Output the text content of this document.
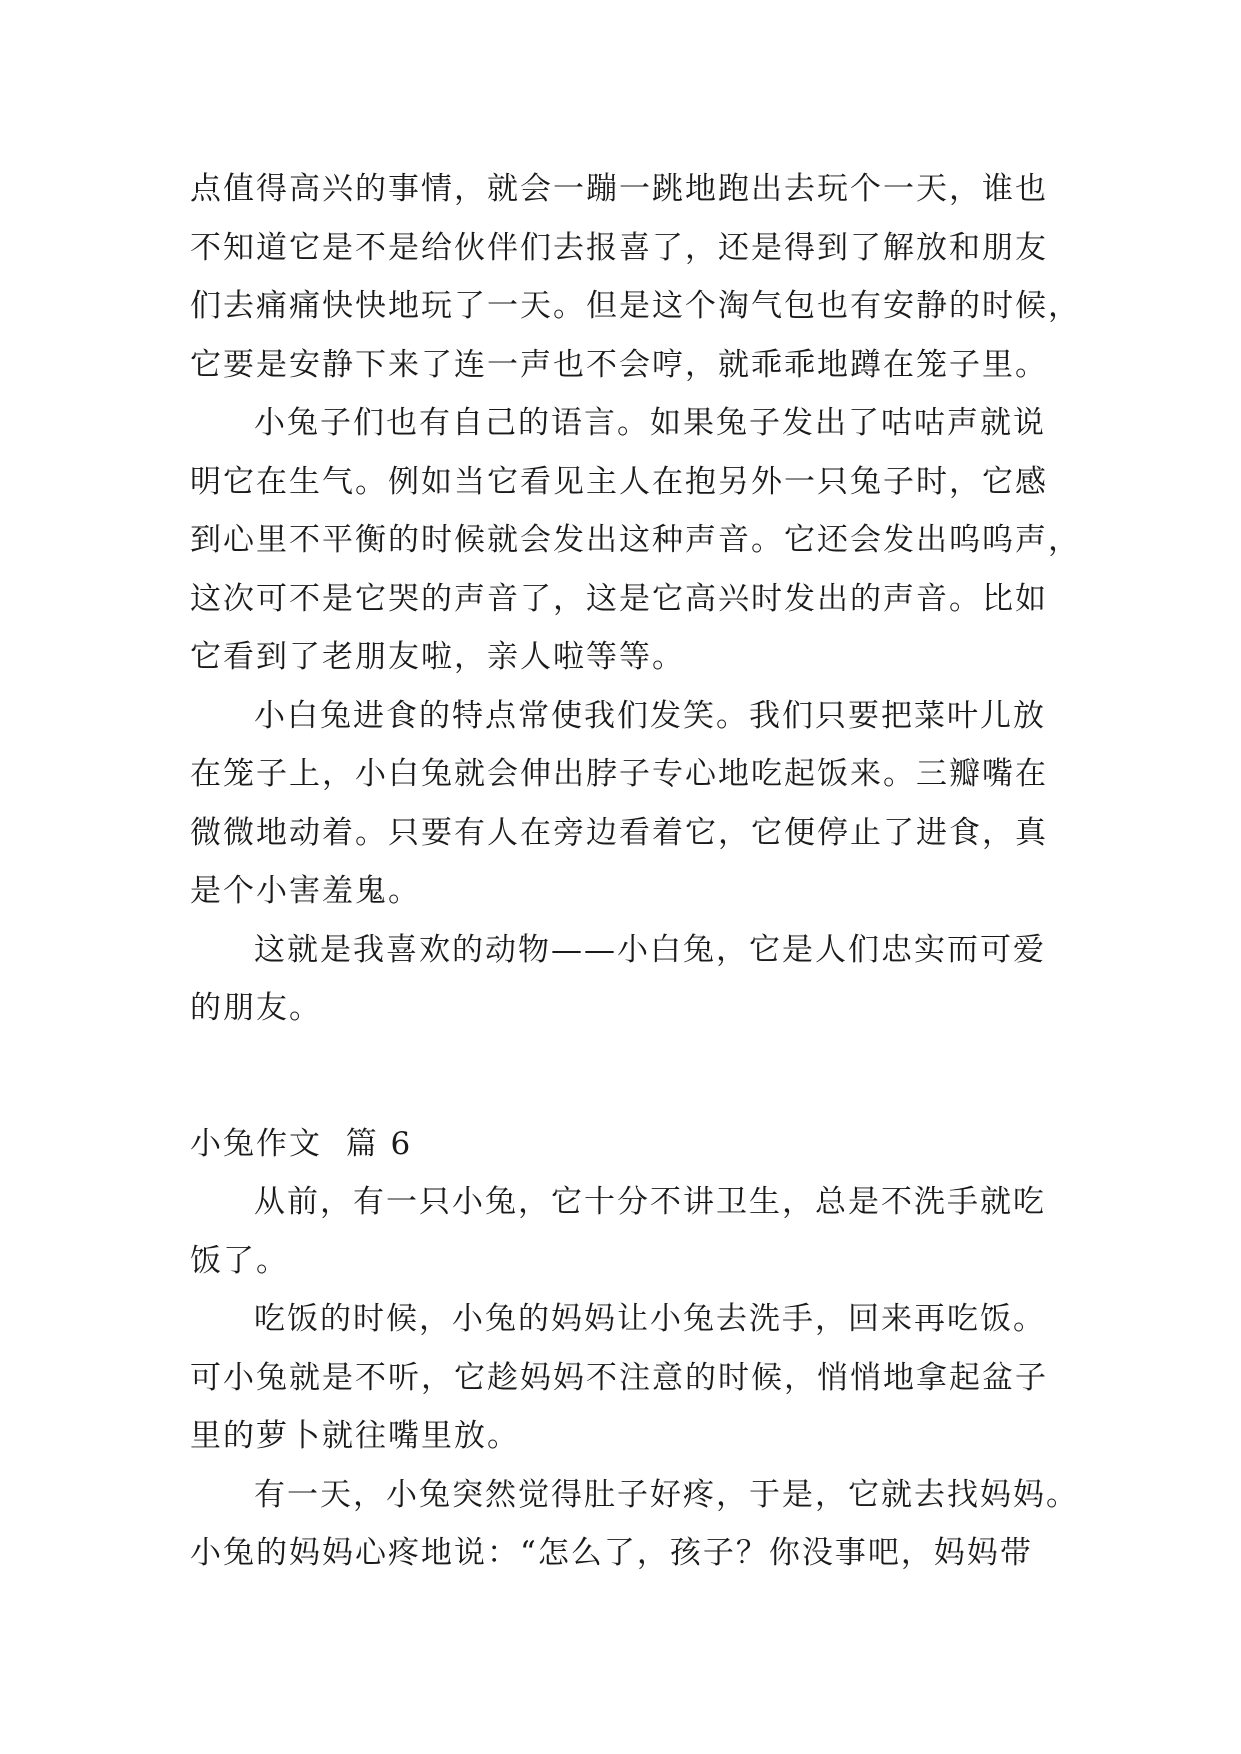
点值得高兴的事情，就会一蹦一跳地跑出去玩个一天，谁也
不知道它是不是给伙伴们去报喜了，还是得到了解放和朋友
们去痛痛快快地玩了一天。但是这个淘气包也有安静的时候，
它要是安静下来了连一声也不会哼，就乖乖地蹲在笼子里。
小兔子们也有自己的语言。如果兔子发出了咕咕声就说
明它在生气。例如当它看见主人在抱另外一只兔子时，它感
到心里不平衡的时候就会发出这种声音。它还会发出呜呜声，
这次可不是它哭的声音了，这是它高兴时发出的声音。比如
它看到了老朋友啦，亲人啦等等。
小白兔进食的特点常使我们发笑。我们只要把菜叶儿放
在笼子上，小白兔就会伸出脖子专心地吃起饭来。三瓣嘴在
微微地动着。只要有人在旁边看着它，它便停止了进食，真
是个小害羞鬼。
这就是我喜欢的动物——小白兔，它是人们忠实而可爱
的朋友。
小兔作文  篇 6
从前，有一只小兔，它十分不讲卫生，总是不洗手就吃
饭了。
吃饭的时候，小兔的妈妈让小兔去洗手，回来再吃饭。
可小兔就是不听，它趁妈妈不注意的时候，悄悄地拿起盆子
里的萝卜就往嘴里放。
有一天，小兔突然觉得肚子好疼，于是，它就去找妈妈。
小兔的妈妈心疼地说：“怎么了，孩子？你没事吧，妈妈带
